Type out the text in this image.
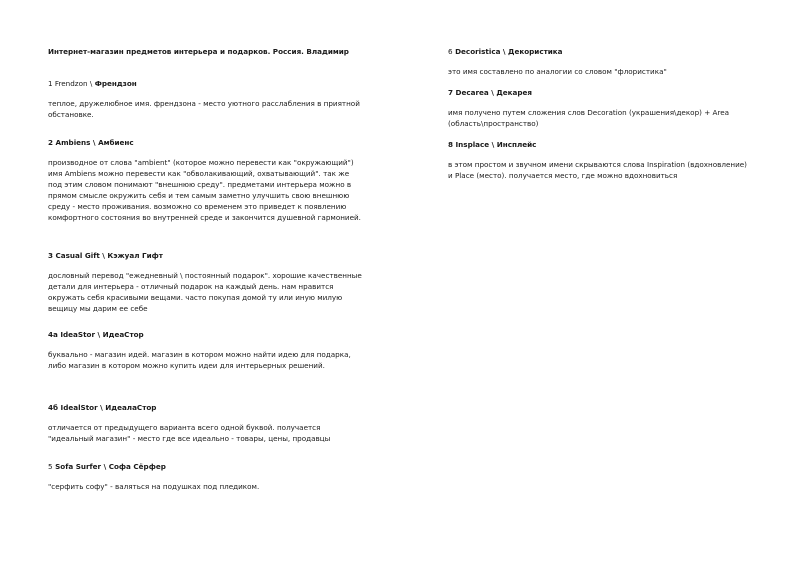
Интернет-магазин предметов интерьера и подарков. Россия. Владимир
1 Frendzon \ Френдзон

теплое, дружелюбное имя. френдзона - место уютного расслабления в приятной обстановке.

2 Ambiens \ Амбиенс

производное от слова "ambient" (которое можно перевести как "окружающий") имя Ambiens можно перевести как "обволакивающий, охватывающий". так же под этим словом понимают "внешнюю среду". предметами интерьера можно в прямом смысле окружить себя и тем самым заметно улучшить свою внешнюю среду - место проживания. возможно со временем это приведет к появлению комфортного состояния во внутренней среде и закончится душевной гармонией.

3 Casual Gift \ Кэжуал Гифт

дословный перевод "ежедневный \ постоянный подарок". хорошие качественные детали для интерьера - отличный подарок на каждый день. нам нравится окружать себя красивыми вещами. часто покупая домой ту или иную милую вещицу мы дарим ее себе

4а IdeaStor \ ИдеаСтор

буквально - магазин идей. магазин в котором можно найти идею для подарка, либо магазин в котором можно купить идеи для интерьерных решений.

4б IdealStor \ ИдеалаСтор

отличается от предыдущего варианта всего одной буквой. получается "идеальный магазин" - место где все идеально - товары, цены, продавцы

5 Sofa Surfer \ Софа Сёрфер

"серфить софу" - валяться на подушках под пледиком.

6 Decoristica \ Декористика

это имя составлено по аналогии со словом "флористика"

7 Decarea \ Декарея

имя получено путем сложения слов Decoration (украшения\декор) + Area (область\пространство)

8 Insplace \ Инсплейс

в этом простом и звучном имени скрываются слова Inspiration (вдохновление) и Place (место). получается место, где можно вдохновиться
